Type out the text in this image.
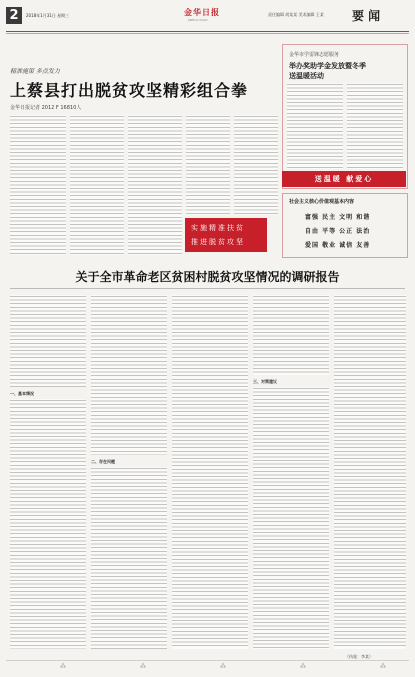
2	2018年1月31日 星期三	金华日报
JINHUA DAILY
责任编辑 胡某某 美术编辑 王某 要 闻
精准施策 多点发力
上蔡县打出脱贫攻坚精彩组合拳
金华日报记者 2012 F 16810人
实施精准扶贫
推进脱贫攻坚
金华市学雷锋志愿服务
举办奖助学金发放暨冬季
送温暖活动
送温暖 献爱心
社会主义核心价值观基本内容
富强 民主 文明 和谐
自由 平等 公正 法治
爱国 敬业 诚信 友善
关于全市革命老区贫困村脱贫攻坚情况的调研报告
一、基本情况
二、存在问题
三、对策建议
（执笔：李某）
⁂	⁂	⁂	⁂	⁂
